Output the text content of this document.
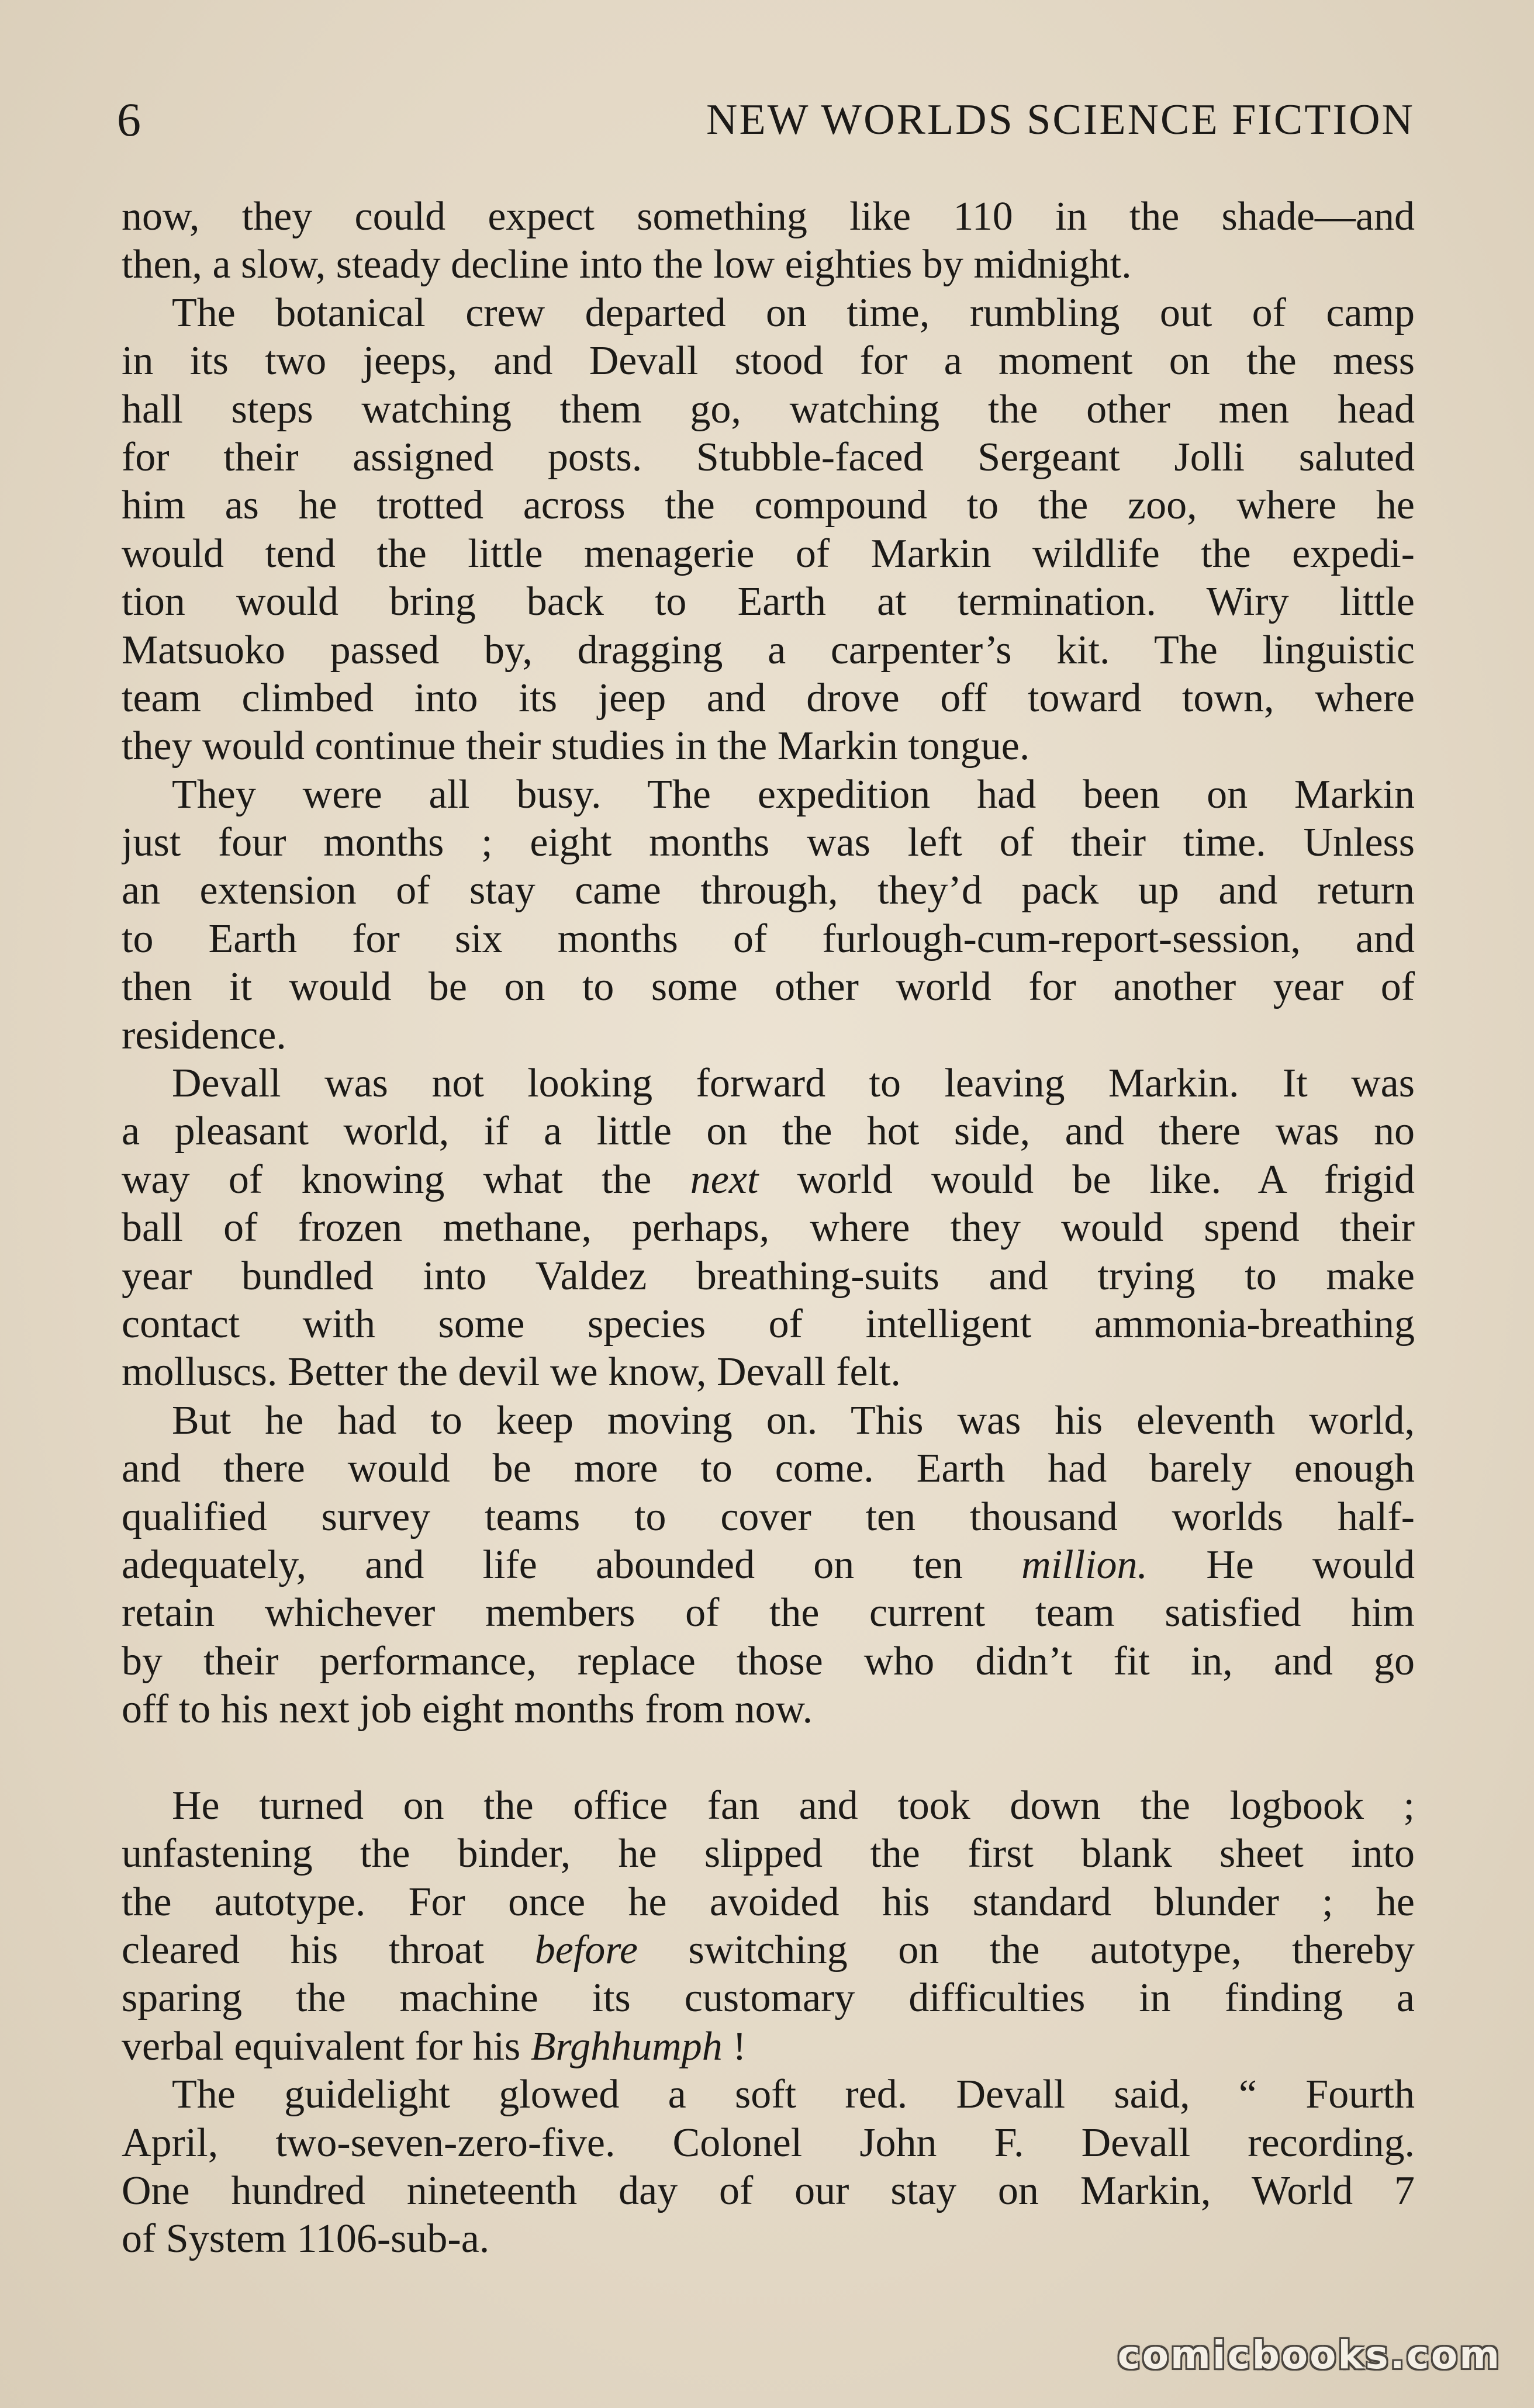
6	NEW WORLDS SCIENCE FICTION
now, they could expect something like 110 in the shade—and
then, a slow, steady decline into the low eighties by midnight.
The botanical crew departed on time, rumbling out of camp
in its two jeeps, and Devall stood for a moment on the mess
hall steps watching them go, watching the other men head
for their assigned posts. Stubble-faced Sergeant Jolli saluted
him as he trotted across the compound to the zoo, where he
would tend the little menagerie of Markin wildlife the expedi-
tion would bring back to Earth at termination. Wiry little
Matsuoko passed by, dragging a carpenter’s kit. The linguistic
team climbed into its jeep and drove off toward town, where
they would continue their studies in the Markin tongue.
They were all busy. The expedition had been on Markin
just four months ; eight months was left of their time. Unless
an extension of stay came through, they’d pack up and return
to Earth for six months of furlough-cum-report-session, and
then it would be on to some other world for another year of
residence.
Devall was not looking forward to leaving Markin. It was
a pleasant world, if a little on the hot side, and there was no
way of knowing what the next world would be like. A frigid
ball of frozen methane, perhaps, where they would spend their
year bundled into Valdez breathing-suits and trying to make
contact with some species of intelligent ammonia-breathing
molluscs. Better the devil we know, Devall felt.
But he had to keep moving on. This was his eleventh world,
and there would be more to come. Earth had barely enough
qualified survey teams to cover ten thousand worlds half-
adequately, and life abounded on ten million. He would
retain whichever members of the current team satisfied him
by their performance, replace those who didn’t fit in, and go
off to his next job eight months from now.
He turned on the office fan and took down the logbook ;
unfastening the binder, he slipped the first blank sheet into
the autotype. For once he avoided his standard blunder ; he
cleared his throat before switching on the autotype, thereby
sparing the machine its customary difficulties in finding a
verbal equivalent for his Brghhumph !
The guidelight glowed a soft red. Devall said, “ Fourth
April, two-seven-zero-five. Colonel John F. Devall recording.
One hundred nineteenth day of our stay on Markin, World 7
of System 1106-sub-a.
comicbooks.com
